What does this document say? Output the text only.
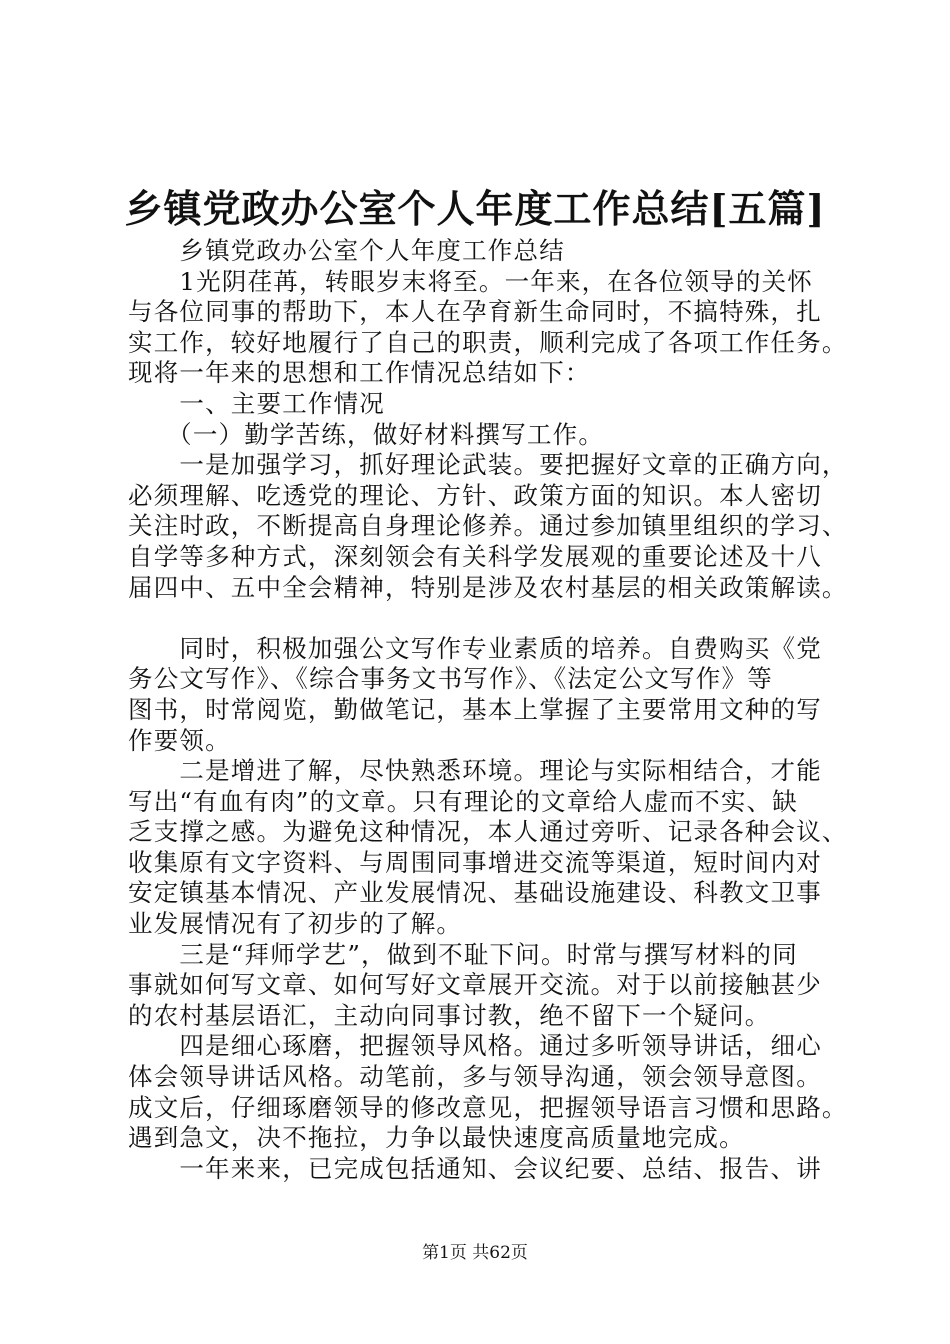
乡镇党政办公室个人年度工作总结[五篇]
　　乡镇党政办公室个人年度工作总结
　　1光阴荏苒，转眼岁末将至。一年来，在各位领导的关怀
与各位同事的帮助下，本人在孕育新生命同时，不搞特殊，扎
实工作，较好地履行了自己的职责，顺利完成了各项工作任务。
现将一年来的思想和工作情况总结如下：
　　一、主要工作情况
　　（一）勤学苦练，做好材料撰写工作。
　　一是加强学习，抓好理论武装。要把握好文章的正确方向，
必须理解、吃透党的理论、方针、政策方面的知识。本人密切
关注时政，不断提高自身理论修养。通过参加镇里组织的学习、
自学等多种方式，深刻领会有关科学发展观的重要论述及十八
届四中、五中全会精神，特别是涉及农村基层的相关政策解读。
　　同时，积极加强公文写作专业素质的培养。自费购买《党
务公文写作》、《综合事务文书写作》、《法定公文写作》等
图书，时常阅览，勤做笔记，基本上掌握了主要常用文种的写
作要领。
　　二是增进了解，尽快熟悉环境。理论与实际相结合，才能
写出“有血有肉”的文章。只有理论的文章给人虚而不实、缺
乏支撑之感。为避免这种情况，本人通过旁听、记录各种会议、
收集原有文字资料、与周围同事增进交流等渠道，短时间内对
安定镇基本情况、产业发展情况、基础设施建设、科教文卫事
业发展情况有了初步的了解。
　　三是“拜师学艺”，做到不耻下问。时常与撰写材料的同
事就如何写文章、如何写好文章展开交流。对于以前接触甚少
的农村基层语汇，主动向同事讨教，绝不留下一个疑问。
　　四是细心琢磨，把握领导风格。通过多听领导讲话，细心
体会领导讲话风格。动笔前，多与领导沟通，领会领导意图。
成文后，仔细琢磨领导的修改意见，把握领导语言习惯和思路。
遇到急文，决不拖拉，力争以最快速度高质量地完成。
　　一年来来，已完成包括通知、会议纪要、总结、报告、讲
第1页 共62页
